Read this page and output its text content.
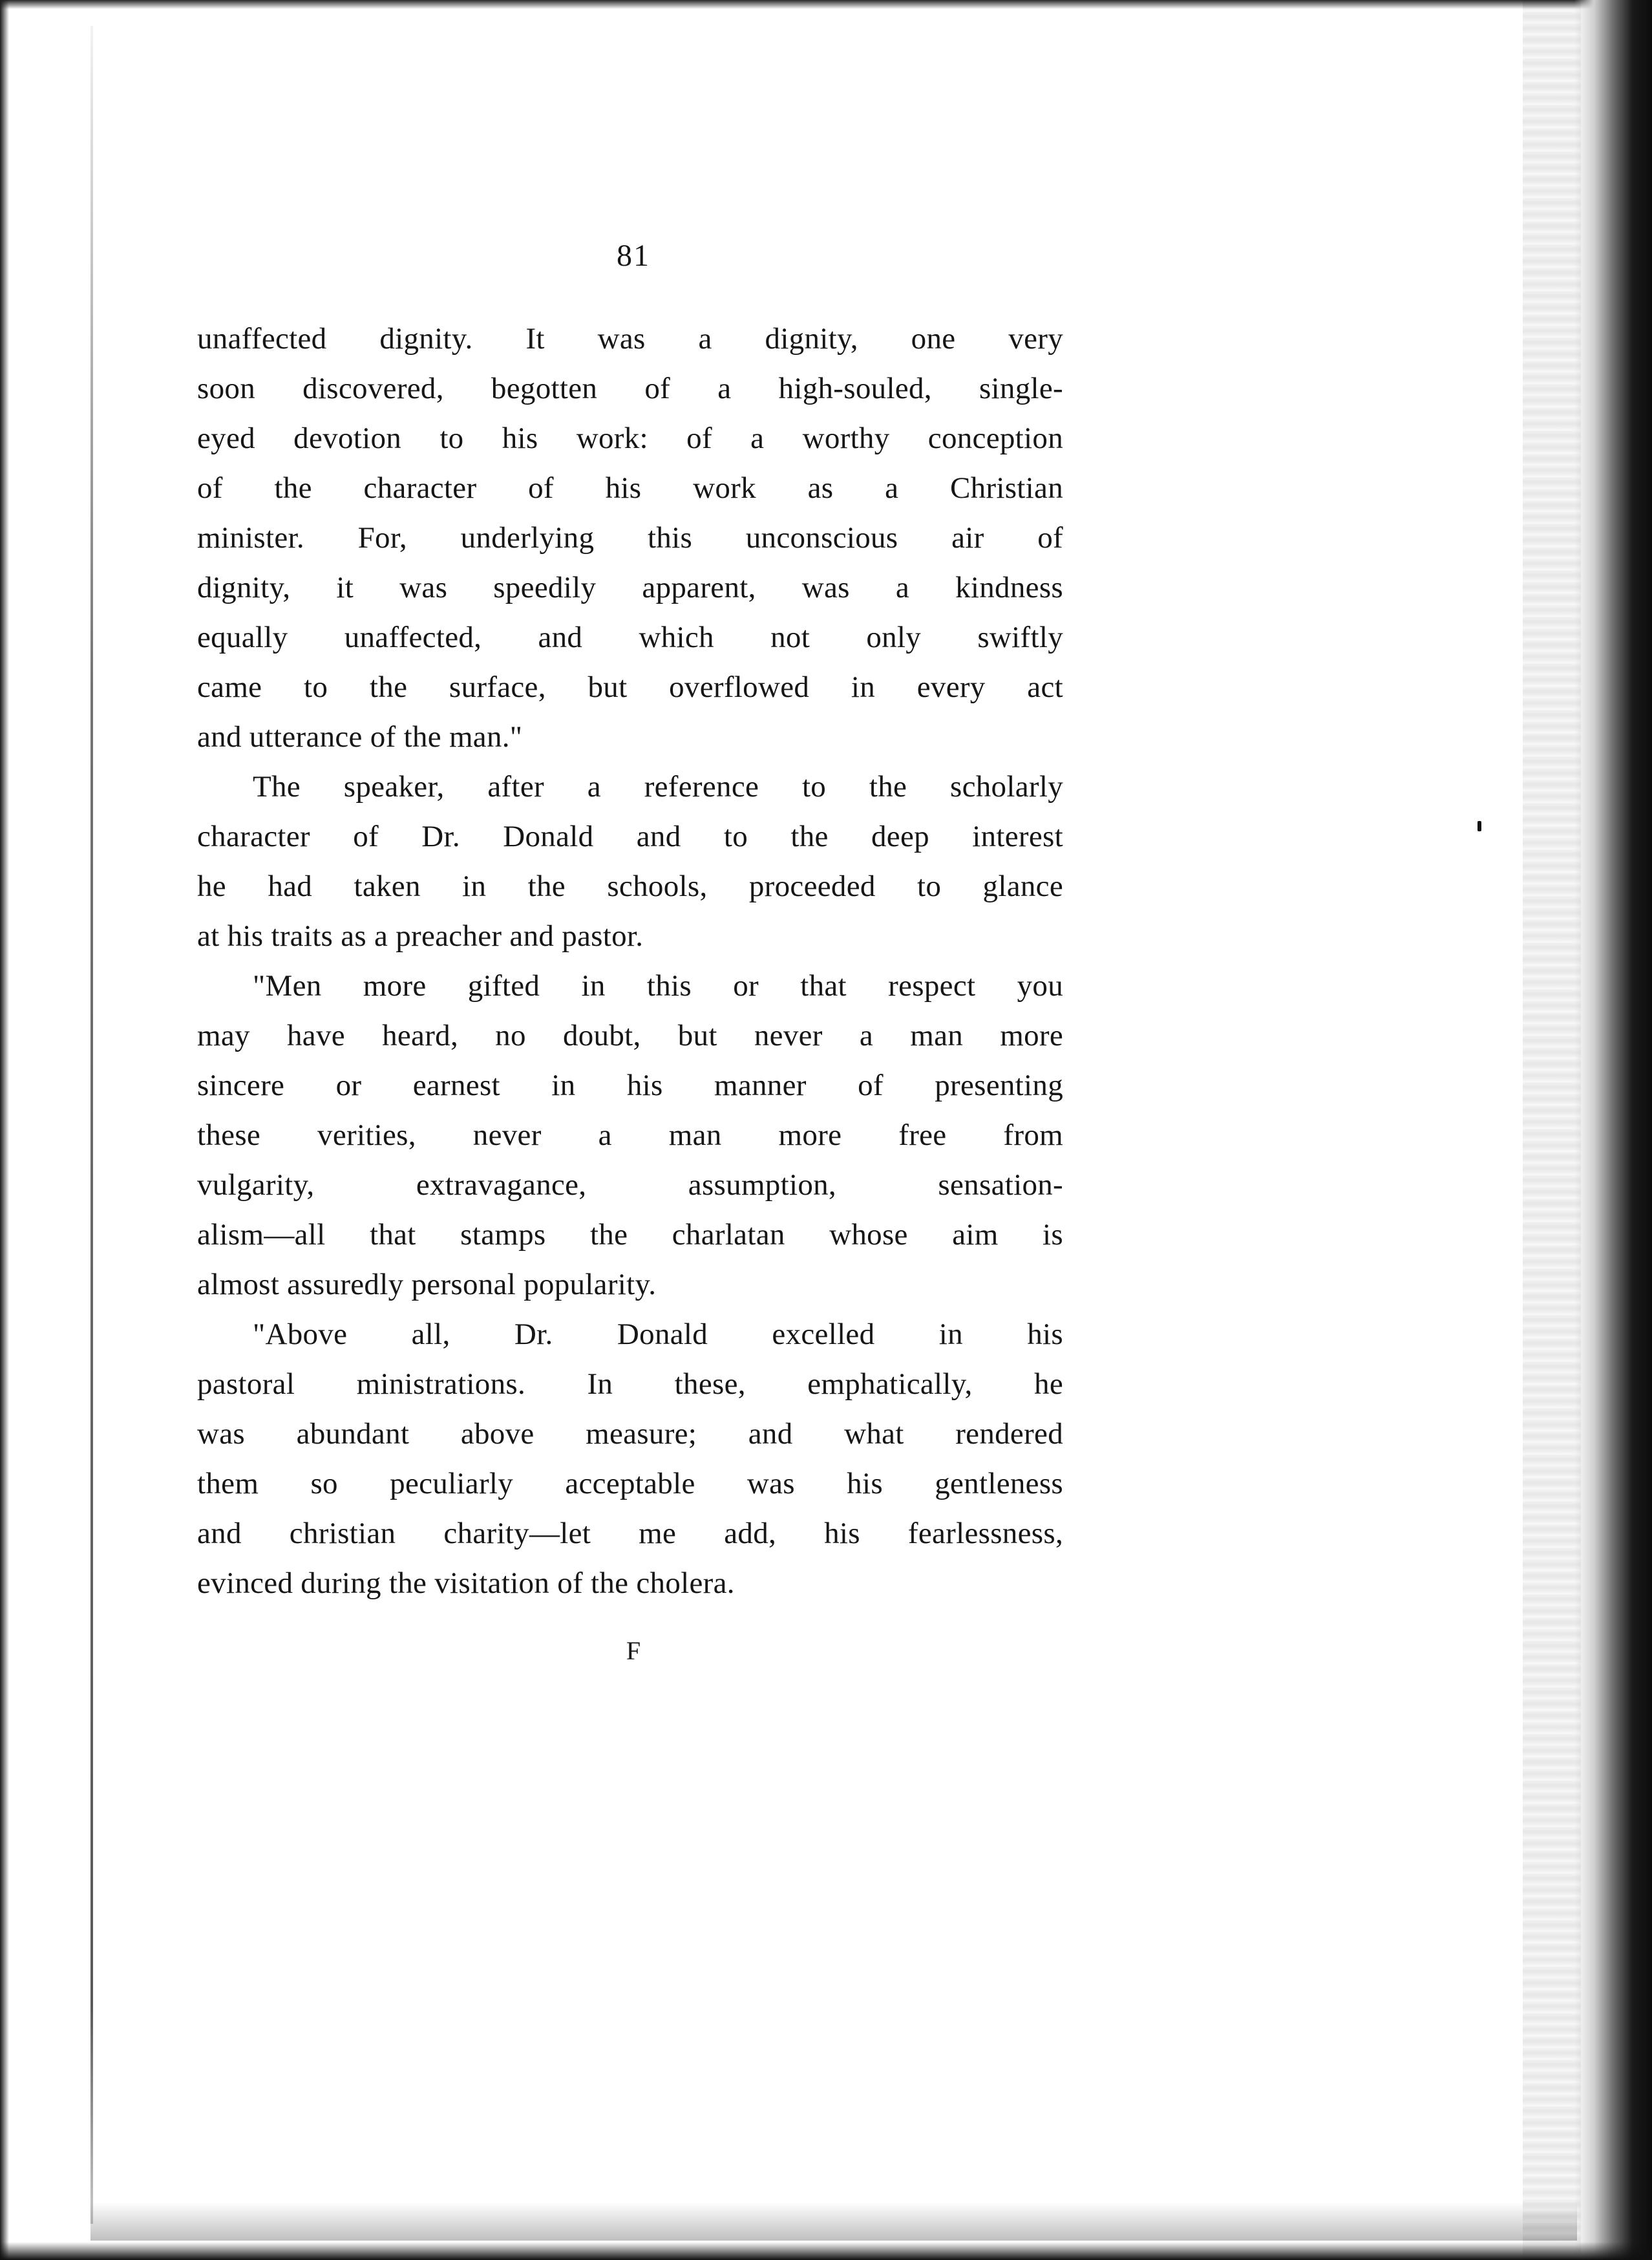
81
unaffected dignity. It was a dignity, one very
soon discovered, begotten of a high-souled, single-
eyed devotion to his work: of a worthy conception
of the character of his work as a Christian
minister. For, underlying this unconscious air of
dignity, it was speedily apparent, was a kindness
equally unaffected, and which not only swiftly
came to the surface, but overflowed in every act
and utterance of the man."
The speaker, after a reference to the scholarly
character of Dr. Donald and to the deep interest
he had taken in the schools, proceeded to glance
at his traits as a preacher and pastor.
"Men more gifted in this or that respect you
may have heard, no doubt, but never a man more
sincere or earnest in his manner of presenting
these verities, never a man more free from
vulgarity, extravagance, assumption, sensation-
alism—all that stamps the charlatan whose aim is
almost assuredly personal popularity.
"Above all, Dr. Donald excelled in his
pastoral ministrations. In these, emphatically, he
was abundant above measure; and what rendered
them so peculiarly acceptable was his gentleness
and christian charity—let me add, his fearlessness,
evinced during the visitation of the cholera.
F
